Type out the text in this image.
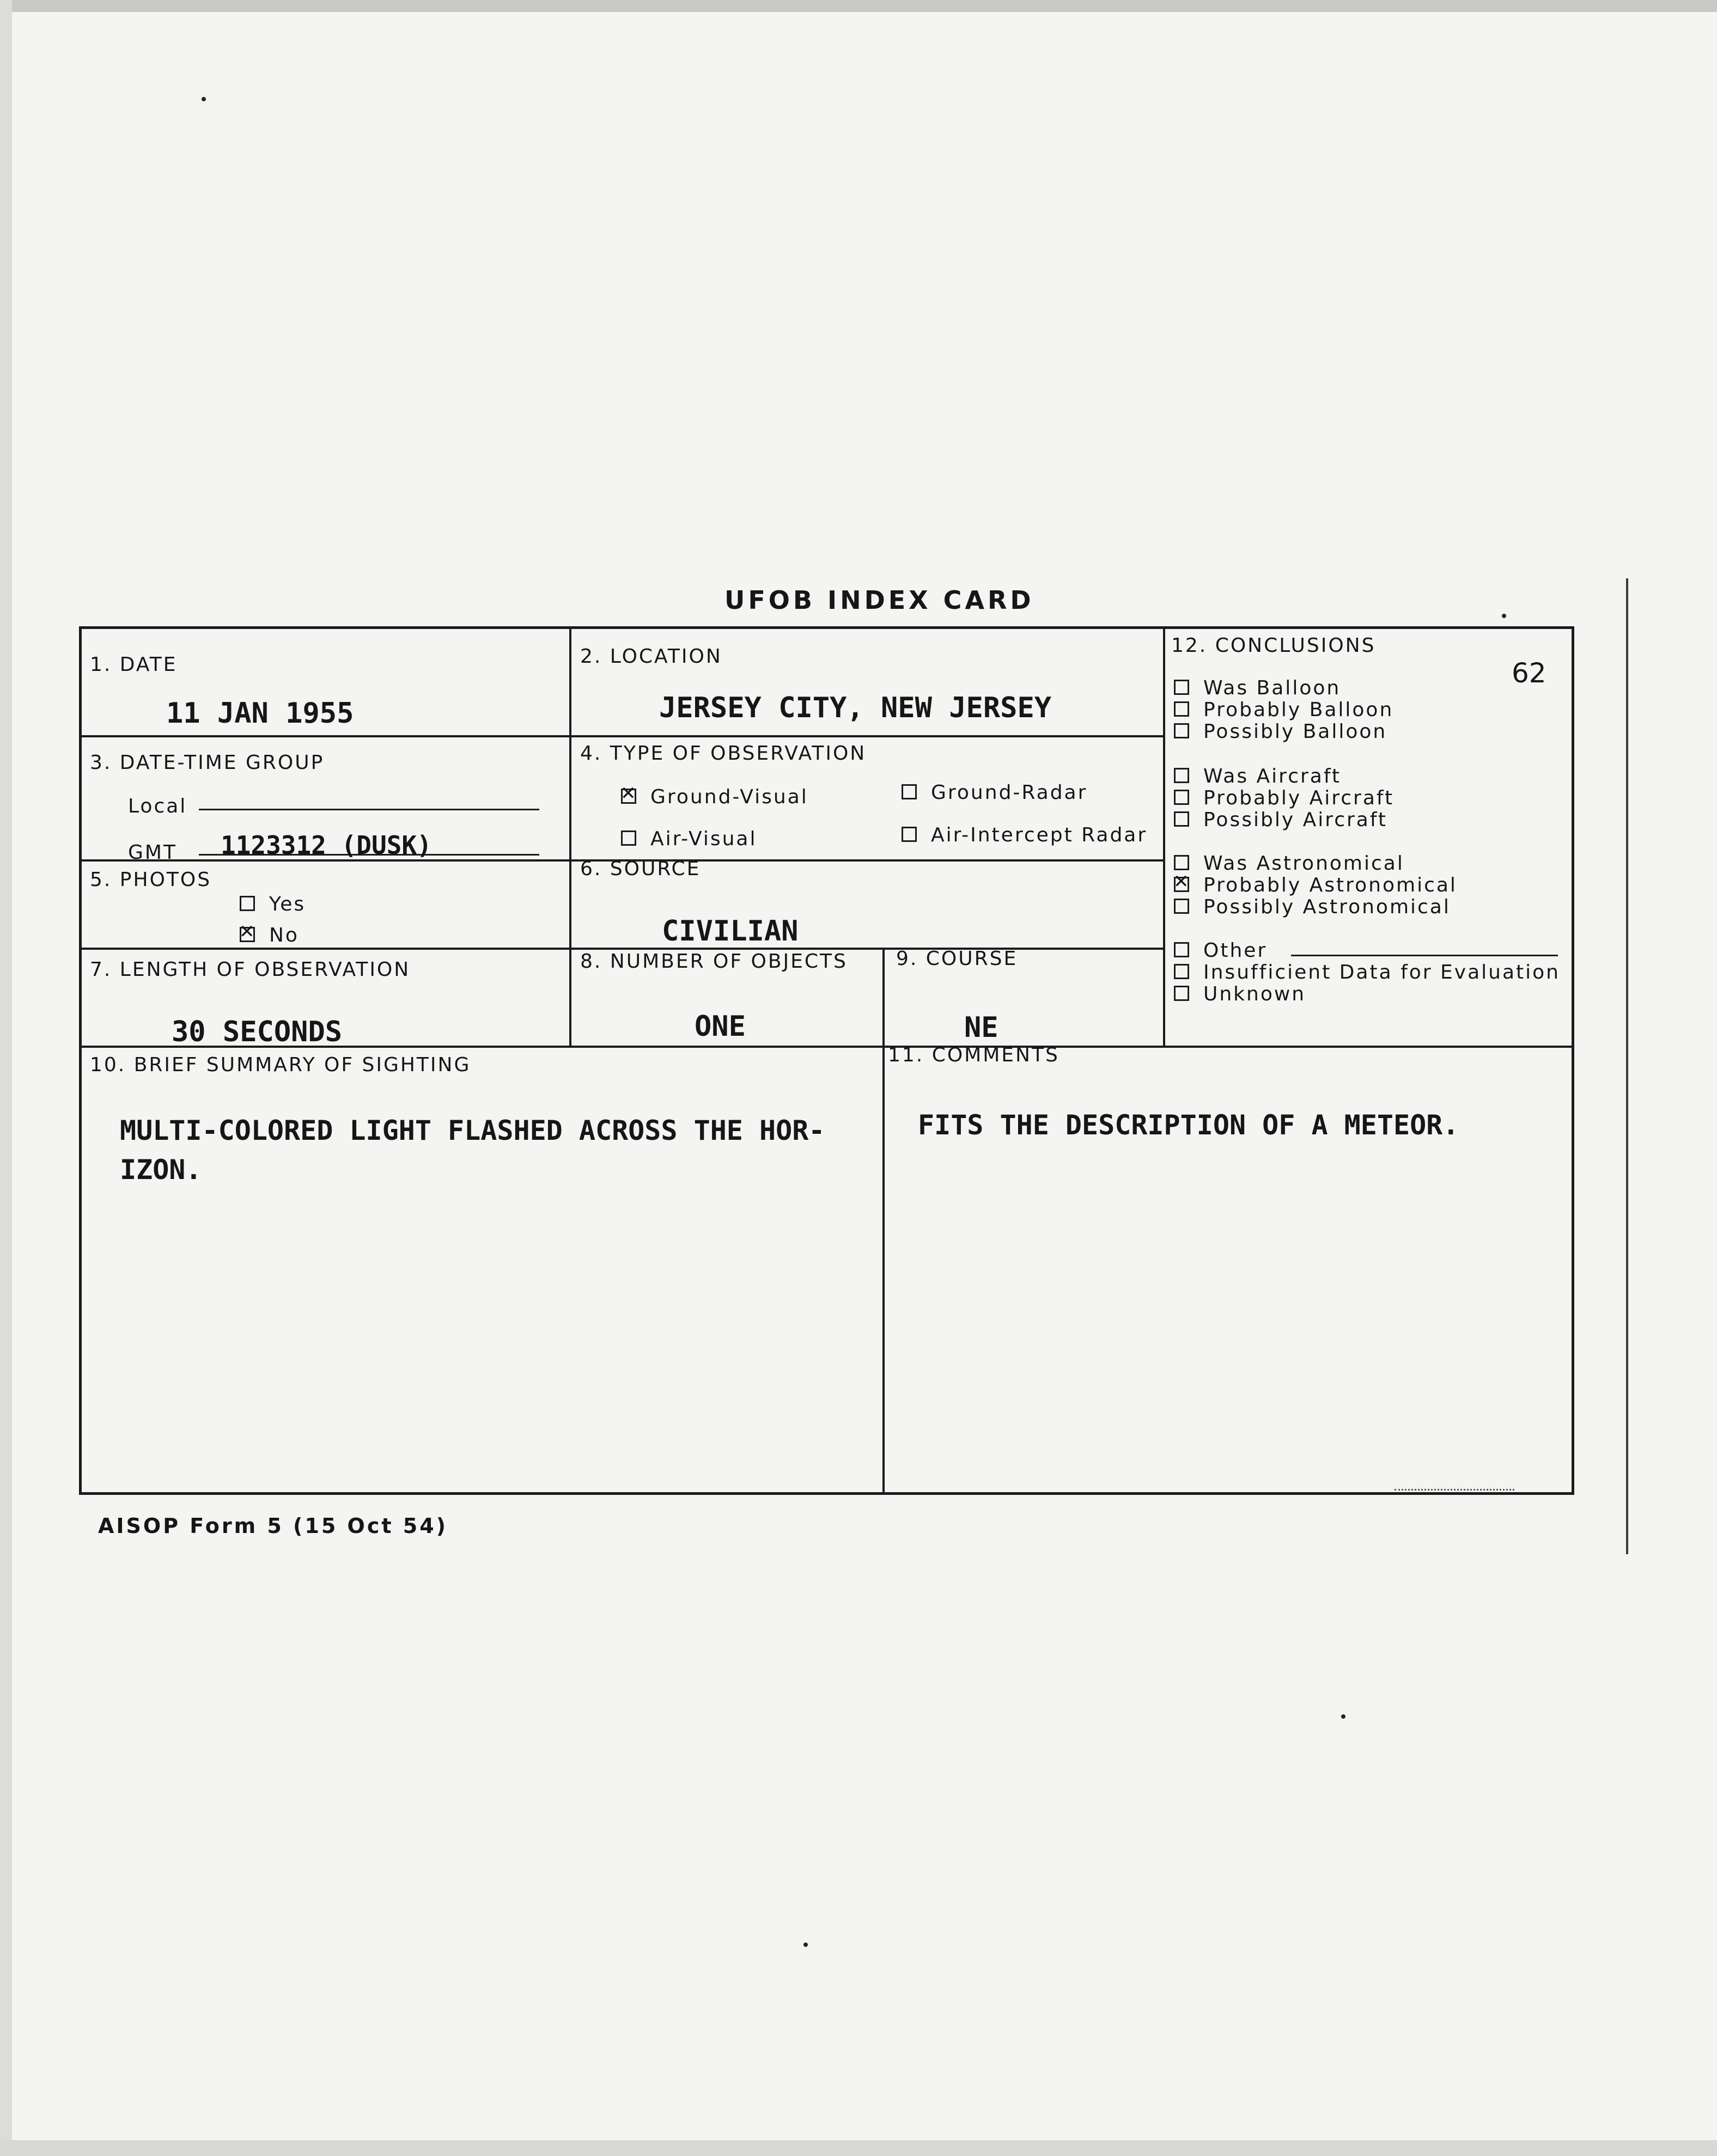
UFOB INDEX CARD
1. DATE
11 JAN 1955
2. LOCATION
JERSEY CITY, NEW JERSEY
3. DATE-TIME GROUP
Local
GMT 1123312 (DUSK)
4. TYPE OF OBSERVATION
✕Ground-Visual	Ground-Radar
Air-Visual	Air-Intercept Radar
5. PHOTOS
Yes
✕No
6. SOURCE
CIVILIAN
7. LENGTH OF OBSERVATION
30 SECONDS
8. NUMBER OF OBJECTS
ONE
9. COURSE
NE
10. BRIEF SUMMARY OF SIGHTING
MULTI-COLORED LIGHT FLASHED ACROSS THE HOR-
IZON.
11. COMMENTS
FITS THE DESCRIPTION OF A METEOR.
12. CONCLUSIONS
62
Was Balloon
Probably Balloon
Possibly Balloon
Was Aircraft
Probably Aircraft
Possibly Aircraft
Was Astronomical
✕Probably Astronomical
Possibly Astronomical
Other
Insufficient Data for Evaluation
Unknown
AISOP Form 5 (15 Oct 54)
